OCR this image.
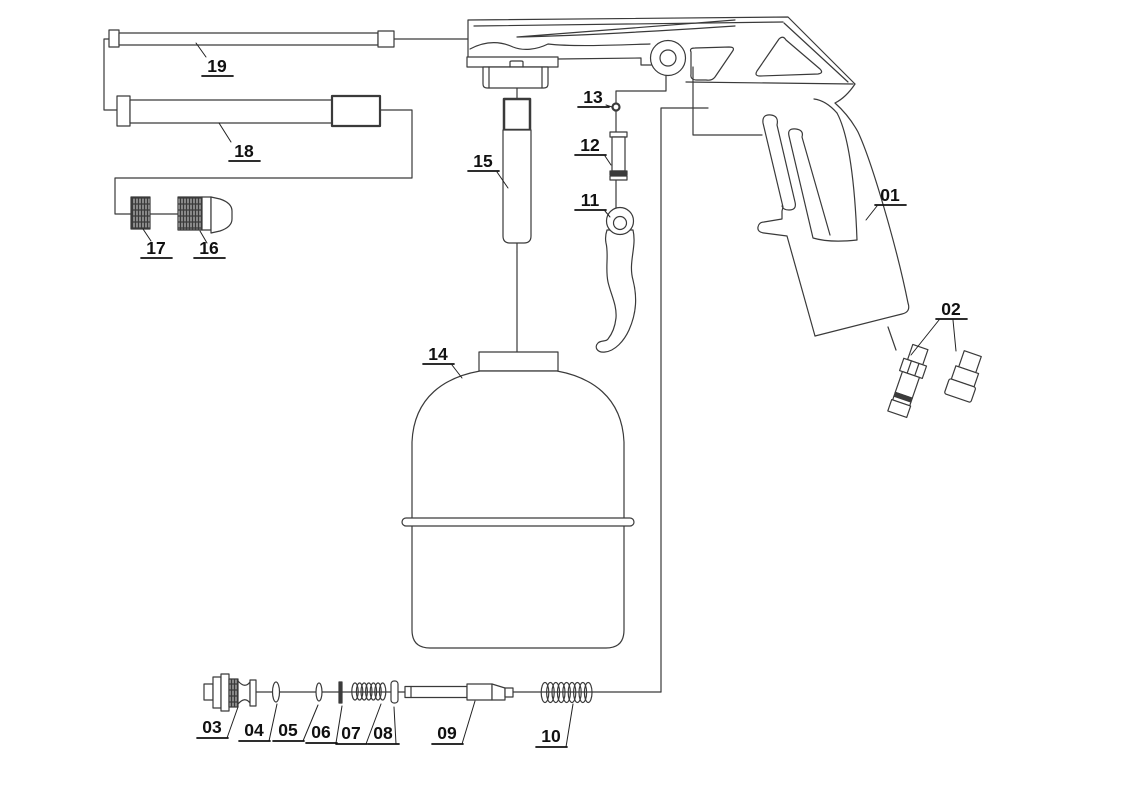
19
18
17 16
15
14
13
12
11	01
02
03 04 05 06 07 08	09	10
